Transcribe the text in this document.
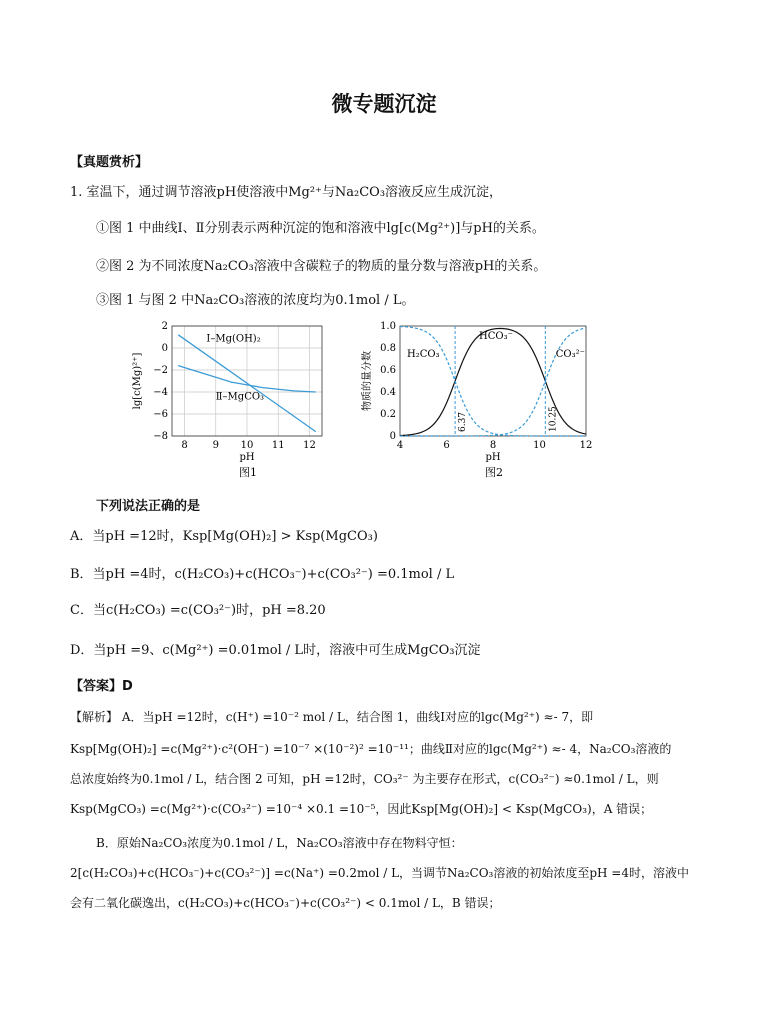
微专题沉淀
【真题赏析】
1. 室温下，通过调节溶液pH使溶液中Mg²⁺与Na₂CO₃溶液反应生成沉淀，
①图 1 中曲线Ⅰ、Ⅱ分别表示两种沉淀的饱和溶液中lg[c(Mg²⁺)]与pH的关系。
②图 2 为不同浓度Na₂CO₃溶液中含碳粒子的物质的量分数与溶液pH的关系。
③图 1 与图 2 中Na₂CO₃溶液的浓度均为0.1mol / L。
8 9 10 11 12
2
0
−2
−4
−6
−8
pH
lg[c(Mg)²⁺]
Ⅰ–Mg(OH)₂
Ⅱ–MgCO₃
图1
4	6	8	10	12
1.0
0.8
0.6
0.4
0.2
0
pH
物质的量分数
6.37	10.25
H₂CO₃
HCO₃⁻
CO₃²⁻
图2
下列说法正确的是
A．当pH =12时，Ksp[Mg(OH)₂] > Ksp(MgCO₃)
B．当pH =4时，c(H₂CO₃)+c(HCO₃⁻)+c(CO₃²⁻) =0.1mol / L
C．当c(H₂CO₃) =c(CO₃²⁻)时，pH =8.20
D．当pH =9、c(Mg²⁺) =0.01mol / L时，溶液中可生成MgCO₃沉淀
【答案】D
【解析】 A．当pH =12时，c(H⁺) =10⁻² mol / L，结合图 1，曲线Ⅰ对应的lgc(Mg²⁺) ≈- 7，即
Ksp[Mg(OH)₂] =c(Mg²⁺)·c²(OH⁻) =10⁻⁷ ×(10⁻²)² =10⁻¹¹；曲线Ⅱ对应的lgc(Mg²⁺) ≈- 4，Na₂CO₃溶液的
总浓度始终为0.1mol / L，结合图 2 可知，pH =12时，CO₃²⁻ 为主要存在形式，c(CO₃²⁻) ≈0.1mol / L，则
Ksp(MgCO₃) =c(Mg²⁺)·c(CO₃²⁻) =10⁻⁴ ×0.1 =10⁻⁵，因此Ksp[Mg(OH)₂] < Ksp(MgCO₃)，A 错误；
B．原始Na₂CO₃浓度为0.1mol / L，Na₂CO₃溶液中存在物料守恒：
2[c(H₂CO₃)+c(HCO₃⁻)+c(CO₃²⁻)] =c(Na⁺) =0.2mol / L，当调节Na₂CO₃溶液的初始浓度至pH =4时，溶液中
会有二氧化碳逸出，c(H₂CO₃)+c(HCO₃⁻)+c(CO₃²⁻) < 0.1mol / L，B 错误；
